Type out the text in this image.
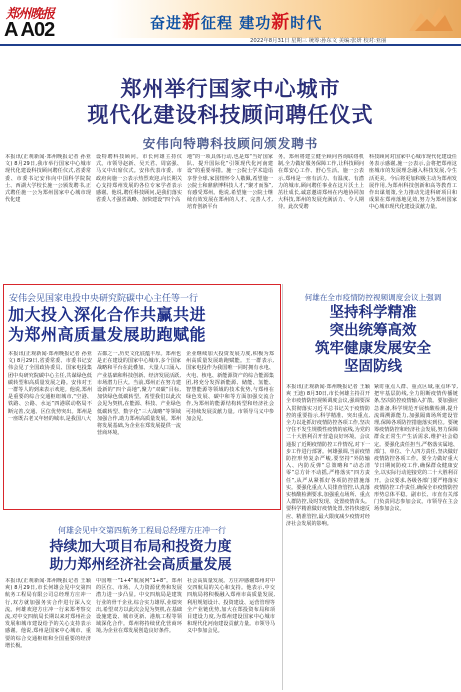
郑州晚报
A A02	奋进新征程 建功新时代
2022年8月31日 星期三 统筹:孙东文 美编:张妍 校对:亚丽
郑州举行国家中心城市
现代化建设科技顾问聘任仪式
安伟向特聘科技顾问颁发聘书
本报讯(正观新闻·郑州晚报记者 孙亚文) 8月29日,我市举行国家中心城市现代化建设科技顾问聘任仪式,省委常委、市委书记安伟向中国科学院院士、西湖大学校长施一公颁发聘书,正式聘任施一公为郑州国家中心城市现代化建
设特聘科技顾问。市长何雄主持仪式。市领导赵新、吴天君、周富强、马义中出席仪式。安伟代表市委、市政府向施一公表示热烈欢迎,向长期关心支持郑州发展的各位专家学者表示感谢。他说,聘任科技顾问,是我们落实省委人才强省战略、加快建设“四个高
地”的一项具体行动,也是郑“当好国家队、提升国际化”引领现代化河南建设”的重要举措。施一公院士学术造诣享誉全球,家国情怀令人敬佩,希望施一公院士和鼎鼎博科技人才,“聚才而鉴”,有感受郑州。他说,希望施一公院士继续有效发展在郑州的人才、完善人才,培育创新平台
务。郑州将建立健全顾问咨询联络机制,全力做好服务保障工作,让科技顾问在郑安心工作、舒心生活。施一公表示,郑州是一座有活力、有温度、有潜力的城市,顾问聘任事业在这片沃土上茁壮成长,诚意邀请郑州在内地协同加大科技,郑州的发展充满活力、令人期待。此次受聘
科技顾问对国家中心城市现代化建设任务表示感谢,施一公表示,会将把郑州这座城市的发展理念融入科技发展,令生活更美。今后将更加积极主动为郑州发展作用,为郑州科技创新和高等教育工作出谋划策,全力推动先进科研项目和成果在郑州落地见效,努力为郑州国家中心城市现代化建设贡献力量。
安伟会见国家电投中央研究院碳中心主任等一行
加大投入深化合作共赢共进
为郑州高质量发展助跑赋能
本报讯(正观新闻·郑州晚报记者 孙亚文) 8月29日,省委常委、市委书记安伟会见了全国政协委员、国家电投集团中央研究院碳中心主任,共谋绿色低碳转型和高质量发展之路。安伟对王一群等人的到来表示欢迎。他说,郑州是重要的综合交通枢纽城市,“空港、铁路、公路、水运”四港联动格局不断完善,交通、区位优势突出。郑州是一座既古老又年轻的城市,是我国八大
古都之一,历史文化底蕴丰厚。郑州也是正在建设的国家中心城市,多个国家战略和平台在此叠加、大量人口涌入,产业基础和科技创新、经济发展活跃,市场潜力巨大。当前,郑州正在努力建设新的“四个高地”,聚力“双碳”目标,加快绿色低碳转型。希望我们以此次会见为契机,在能源、科技、产业绿色低碳转型、数字化“三大战略”等领域加强合作,助力郑州高质量发展。郑州将发展基础,为企业在郑发展提供一流营商环境。
企业继续加大投资发展力度,积极为郑州高质量发展助跑赋能。王一群表示,国家电投作为我国唯一同时拥有水电、火电、核电、新能源资产的综合能源集团,将充分发挥新能源、储能、氢能、智慧能源等领域的技术优势,与郑州在绿色发展、碳中和等方面加强交流合作,为郑州的能源结构转型和经济社会可持续发展贡献力量。市领导马义中参加会见。
何雄在全市疫情防控视频调度会议上强调
坚持科学精准
突出统筹高效
筑牢健康发展安全
坚固防线
本报讯(正观新闻·郑州晚报记者 王颖爽 王迪) 8月30日,市长何雄主持召开全市疫情防控视频调度会议,强调要深入贯彻落实习近平总书记关于疫情防控的重要指示,科学精准、突出重点,全力以赴抓好疫情防控各项工作,坚决守住不发生规模性疫情的底线,为党的二十大胜利召开营造良好环境。会议通报了近期疫情防控工作情况,对下一步工作进行部署。何雄强调,当前疫情防控形势复杂严峻,要坚持“外防输入、内防反弹”总策略和“动态清零”总方针不动摇,严格落实“四方责任”,从严从紧抓好各项防控措施落实。要强化重点人员排查管控,认真落实核酸检测要求,加强重点场所、重点人群防控,及时发现、处置疫情苗头。要科学精准做好疫情处置,坚持快速反应、精准管控,最大限度减少疫情对经济社会发展的影响。
紧盯重点人群、重点区域,重点环节,把牢基层防线,全力阻断疫情传播链条,坚决防控疫情输入扩散。要加强应急准备,科学规范开展核酸检测,提升流调溯源能力,加强隔离场所建设管理,保障各项防控措施落实到位。要统筹疫情防控和经济社会发展,努力保障群众正常生产生活需求,维护社会稳定。要强化责任担当,严格落实属地、部门、单位、个人四方责任,坚决做好疫情防控各项工作。要全力做好重大节日期间防疫工作,确保群众健康安全,以实际行动迎接党的二十大胜利召开。会议要求,各级各部门要严格落实疫情防控工作责任,确保全市疫情防控形势总体平稳。副市长、市直有关部门负责同志参加会议。市领导在主会场参加会议。
何雄会见中交第四航务工程局总经理方庄冲一行
持续加大项目布局和投资力度
助力郑州经济社会高质量发展
本报讯(正观新闻·郑州晚报记者 王颖爽) 8月29日,市长何雄会见中交第四航务工程局有限公司总经理方庄冲一行,双方就加强务实合作进行深入交流。何雄欢迎方庄冲一行来郑考察交流,对中交四航局长期以来对郑州社会发展和城市建设给予的关心支持表示感谢。他说,郑州是国家中心城市、重要的综合交通枢纽和全国重要的经济增长极。
中国唯一“1+4”航展网“1+8”。郑州的区位、市场、人力资源优势和发展潜力进一步凸显。中交四航局是建筑行业的骨干企业,综合实力雄厚,业绩突出,希望双方以此次会见为契机,在基础设施建设、城市更新、港航工程等领域深化合作。郑州将持续优化营商环境,为企业在郑发展创造良好条件。
社会高质量发展。方庄冲感谢郑州对中交四航局的关心和支持。他表示,中交四航局将积极融入郑州市高质量发展,利用规划设计、投资建设、运营管理等全产业链优势,加大在郑投资布局和项目建设力度,为郑州建设国家中心城市和现代化河南建设贡献力量。市领导马义中参加会见。
